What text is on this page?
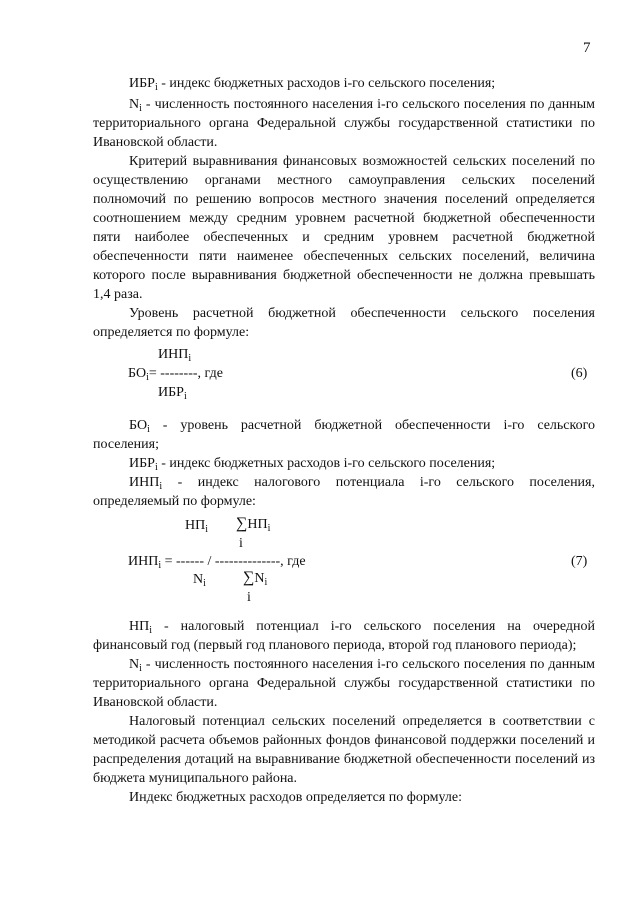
7

$ИБР_i$ - индекс бюджетных расходов i-го сельского поселения;

$N_i$ - численность постоянного населения i-го сельского поселения по данным территориального органа Федеральной службы государственной статистики по Ивановской области.

Критерий выравнивания финансовых возможностей сельских поселений по осуществлению органами местного самоуправления сельских поселений полномочий по решению вопросов местного значения поселений определяется соотношением между средним уровнем расчетной бюджетной обеспеченности пяти наиболее обеспеченных и средним уровнем расчетной бюджетной обеспеченности пяти наименее обеспеченных сельских поселений, величина которого после выравнивания бюджетной обеспеченности не должна превышать 1,4 раза.

Уровень расчетной бюджетной обеспеченности сельского поселения определяется по формуле:

$ИНП_i$
$БО_i=$ --------, где
$ИБР_i$
(6)

$БО_i$ - уровень расчетной бюджетной обеспеченности i-го сельского поселения;

$ИБР_i$ - индекс бюджетных расходов i-го сельского поселения;

$ИНП_i$ - индекс налогового потенциала i-го сельского поселения, определяемый по формуле:

$НП_i$ $\sum НП_i$
i
$ИНП_i$ = ------ / --------------, где
$N_i$ $\sum N_i$
i
(7)

$НП_i$ - налоговый потенциал i-го сельского поселения на очередной финансовый год (первый год планового периода, второй год планового периода);

$N_i$ - численность постоянного населения i-го сельского поселения по данным территориального органа Федеральной службы государственной статистики по Ивановской области.

Налоговый потенциал сельских поселений определяется в соответствии с методикой расчета объемов районных фондов финансовой поддержки поселений и распределения дотаций на выравнивание бюджетной обеспеченности поселений из бюджета муниципального района.

Индекс бюджетных расходов определяется по формуле:
